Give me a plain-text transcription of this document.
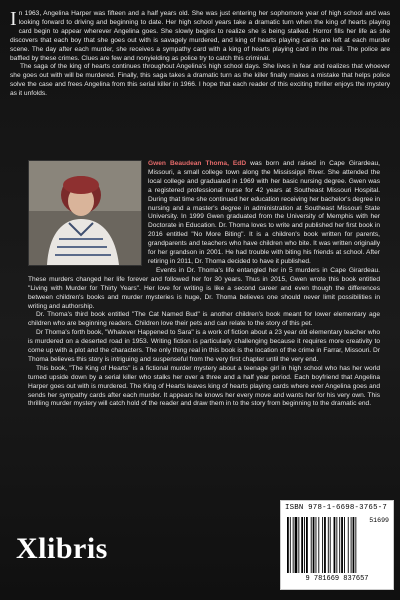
In 1963, Angelina Harper was fifteen and a half years old. She was just entering her sophomore year of high school and was looking forward to driving and beginning to date. Her high school years take a dramatic turn when the king of hearts playing card begin to appear wherever Angelina goes. She slowly begins to realize she is being stalked. Horror fills her life as she discovers that each boy that she goes out with is savagely murdered, and king of hearts playing cards are left at each murder scene. The day after each murder, she receives a sympathy card with a king of hearts playing card in the mail. The police are baffled by these crimes. Clues are few and nonyielding as police try to catch this criminal.

The saga of the king of hearts continues throughout Angelina's high school days. She lives in fear and realizes that whoever she goes out with will be murdered. Finally, this saga takes a dramatic turn as the killer finally makes a mistake that helps police solve the case and frees Angelina from this serial killer in 1966. I hope that each reader of this exciting thriller enjoys the mystery as it unfolds.

Gwen Beaudean Thoma, EdD was born and raised in Cape Girardeau, Missouri, a small college town along the Mississippi River. She attended the local college and graduated in 1969 with her basic nursing degree. Gwen was a registered professional nurse for 42 years at Southeast Missouri Hospital. During that time she continued her education receiving her bachelor's degree in nursing and a master's degree in administration at Southeast Missouri State University. In 1999 Gwen graduated from the University of Memphis with her Doctorate in Education. Dr. Thoma loves to write and published her first book in 2016 entitled "No More Biting". It is a children's book written for parents, grandparents and teachers who have children who bite. It was written originally for her grandson in 2001. He had trouble with biting his friends at school. After retiring in 2011, Dr. Thoma decided to have it published.

Events in Dr. Thoma's life entangled her in 5 murders in Cape Girardeau. These murders changed her life forever and followed her for 30 years. Thus in 2015, Gwen wrote this book entitled "Living with Murder for Thirty Years". Her love for writing is like a second career and even though the differences between children's books and murder mysteries is huge, Dr. Thoma believes one should never limit possibilities in writing and authorship.

Dr. Thoma's third book entitled "The Cat Named Bud" is another children's book meant for lower elementary age children who are beginning readers. Children love their pets and can relate to the story of this pet.

Dr Thoma's forth book, "Whatever Happened to Sara" is a work of fiction about a 23 year old elementary teacher who is murdered on a deserted road in 1953. Writing fiction is particularly challenging because it requires more creativity to come up with a plot and the characters. The only thing real in this book is the location of the crime in Farrar, Missouri. Dr Thoma believes this story is intriguing and suspenseful from the very first chapter until the very end.

This book, "The King of Hearts" is a fictional murder mystery about a teenage girl in high school who has her world turned upside down by a serial killer who stalks her over a three and a half year period. Each boyfriend that Angelina Harper goes out with is murdered. The King of Hearts leaves king of hearts playing cards where ever Angelina goes and sends her sympathy cards after each murder. It appears he knows her every move and wants her for his very own. This thrilling murder mystery will catch hold of the reader and draw them in to the story from beginning to the dramatic end.

ISBN 978-1-6698-3765-7
51699
9 781669 837657
Xlibris
